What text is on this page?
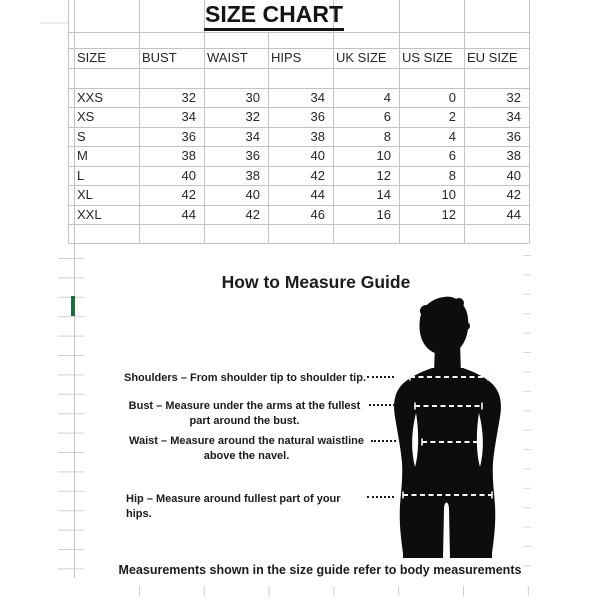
SIZE CHART
How to Measure Guide
Shoulders – From shoulder tip to shoulder tip.
Bust – Measure under the arms at the fullest
part around the bust.
Waist – Measure around the natural waistline
above the navel.
Hip – Measure around fullest part of your hips.
Measurements shown in the size guide refer to body measurements
SIZE	BUST	WAIST	HIPS	UK SIZE	US SIZE	EU SIZE
XXS	32	30	34	4	0	32
XS	34	32	36	6	2	34
S	36	34	38	8	4	36
M	38	36	40	10	6	38
L	40	38	42	12	8	40
XL	42	40	44	14	10	42
XXL	44	42	46	16	12	44
